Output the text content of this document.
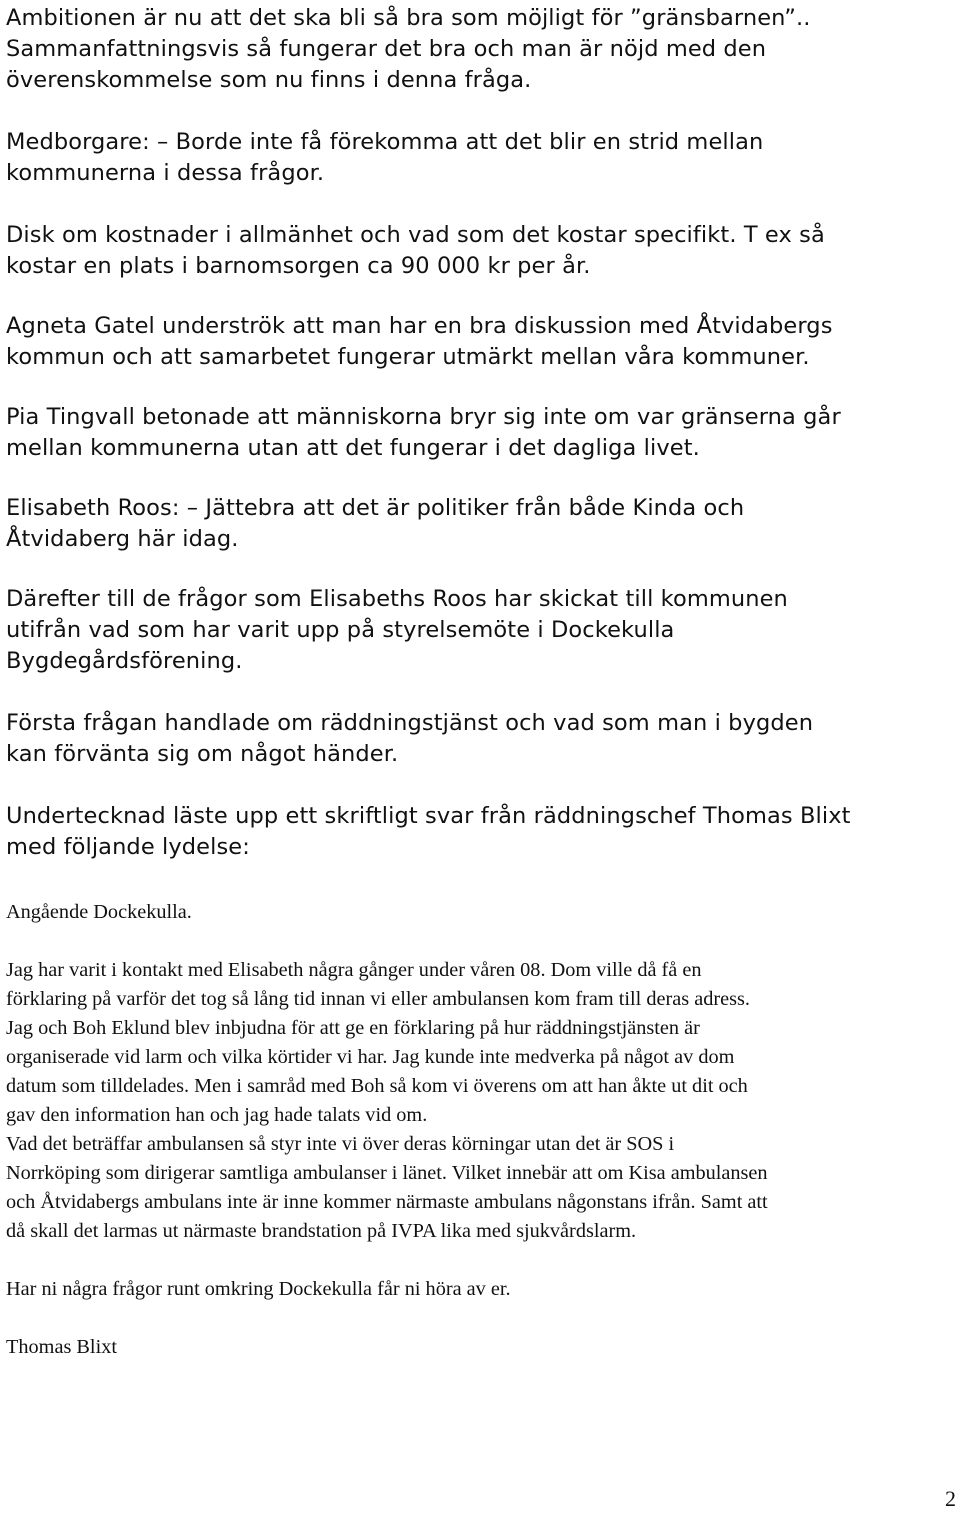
Ambitionen är nu att det ska bli så bra som möjligt för ”gränsbarnen”..
Sammanfattningsvis så fungerar det bra och man är nöjd med den
överenskommelse som nu finns i denna fråga.

Medborgare: – Borde inte få förekomma att det blir en strid mellan
kommunerna i dessa frågor.

Disk om kostnader i allmänhet och vad som det kostar specifikt. T ex så
kostar en plats i barnomsorgen ca 90 000 kr per år.

Agneta Gatel underströk att man har en bra diskussion med Åtvidabergs
kommun och att samarbetet fungerar utmärkt mellan våra kommuner.

Pia Tingvall betonade att människorna bryr sig inte om var gränserna går
mellan kommunerna utan att det fungerar i det dagliga livet.

Elisabeth Roos: – Jättebra att det är politiker från både Kinda och
Åtvidaberg här idag.

Därefter till de frågor som Elisabeths Roos har skickat till kommunen
utifrån vad som har varit upp på styrelsemöte i Dockekulla
Bygdegårdsförening.

Första frågan handlade om räddningstjänst och vad som man i bygden
kan förvänta sig om något händer.

Undertecknad läste upp ett skriftligt svar från räddningschef Thomas Blixt
med följande lydelse:

Angående Dockekulla.

Jag har varit i kontakt med Elisabeth några gånger under våren 08. Dom ville då få en
förklaring på varför det tog så lång tid innan vi eller ambulansen kom fram till deras adress.
Jag och Boh Eklund blev inbjudna för att ge en förklaring på hur räddningstjänsten är
organiserade vid larm och vilka körtider vi har. Jag kunde inte medverka på något av dom
datum som tilldelades. Men i samråd med Boh så kom vi överens om att han åkte ut dit och
gav den information han och jag hade talats vid om.
Vad det beträffar ambulansen så styr inte vi över deras körningar utan det är SOS i
Norrköping som dirigerar samtliga ambulanser i länet. Vilket innebär att om Kisa ambulansen
och Åtvidabergs ambulans inte är inne kommer närmaste ambulans någonstans ifrån. Samt att
då skall det larmas ut närmaste brandstation på IVPA lika med sjukvårdslarm.

Har ni några frågor runt omkring Dockekulla får ni höra av er.

Thomas Blixt

2
